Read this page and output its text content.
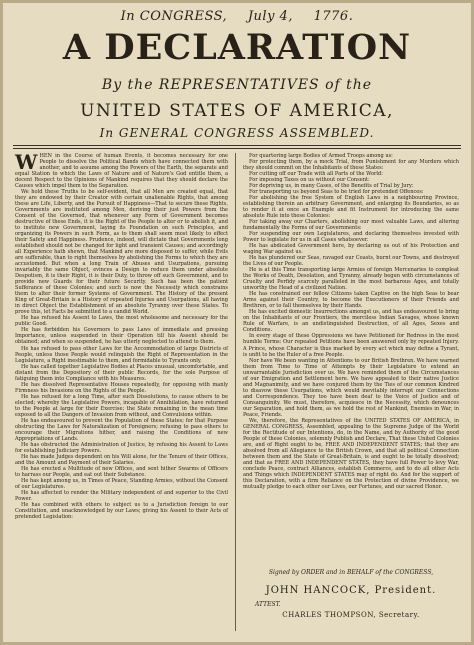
In CONGRESS, July 4, 1776.
A DECLARATION
By the REPRESENTATIVES of the
UNITED STATES OF AMERICA,
In GENERAL CONGRESS ASSEMBLED.
W HEN in the Course of human Events, it becomes necessary for one People to dissolve the Political Bands which have connected them with another, and to assume among the Powers of the Earth, the separate and equal Station to which the Laws of Nature and of Nature's God entitle them, a decent Respect to the Opinions of Mankind requires that they should declare the Causes which impel them to the Separation.

We hold these Truths to be self-evident, that all Men are created equal, that they are endowed by their Creator with certain unalienable Rights, that among these are Life, Liberty, and the Pursuit of Happiness—That to secure these Rights, Governments are instituted among Men, deriving their just Powers from the Consent of the Governed, that whenever any Form of Government becomes destructive of these Ends, it is the Right of the People to alter or to abolish it, and to institute new Government, laying its Foundation on such Principles, and organizing its Powers in such Form, as to them shall seem most likely to effect their Safety and Happiness. Prudence, indeed, will dictate that Governments long established should not be changed for light and transient Causes; and accordingly all Experience hath shewn, that Mankind are more disposed to suffer, while Evils are sufferable, than to right themselves by abolishing the Forms to which they are accustomed. But when a long Train of Abuses and Usurpations, pursuing invariably the same Object, evinces a Design to reduce them under absolute Despotism, it is their Right, it is their Duty, to throw off such Government, and to provide new Guards for their future Security. Such has been the patient Sufferance of these Colonies; and such is now the Necessity which constrains them to alter their former Systems of Government. The History of the present King of Great-Britain is a History of repeated Injuries and Usurpations, all having in direct Object the Establishment of an absolute Tyranny over these States. To prove this, let Facts be submitted to a candid World.

He has refused his Assent to Laws, the most wholesome and necessary for the public Good.

He has forbidden his Governors to pass Laws of immediate and pressing Importance, unless suspended in their Operation till his Assent should be obtained; and when so suspended, he has utterly neglected to attend to them.

He has refused to pass other Laws for the Accommodation of large Districts of People, unless those People would relinquish the Right of Representation in the Legislature, a Right inestimable to them, and formidable to Tyrants only.

He has called together Legislative Bodies at Places unusual, uncomfortable, and distant from the Depository of their public Records, for the sole Purpose of fatiguing them into Compliance with his Measures.

He has dissolved Representative Houses repeatedly, for opposing with manly Firmness his Invasions on the Rights of the People.

He has refused for a long Time, after such Dissolutions, to cause others to be elected; whereby the Legislative Powers, incapable of Annihilation, have returned to the People at large for their Exercise; the State remaining in the mean time exposed to all the Dangers of Invasion from without, and Convulsions within.

He has endeavoured to prevent the Population of these States; for that Purpose obstructing the Laws for Naturalization of Foreigners; refusing to pass others to encourage their Migrations hither, and raising the Conditions of new Appropriations of Lands.

He has obstructed the Administration of Justice, by refusing his Assent to Laws for establishing Judiciary Powers.

He has made Judges dependent on his Will alone, for the Tenure of their Offices, and the Amount and Payment of their Salaries.

He has erected a Multitude of new Offices, and sent hither Swarms of Officers to harrass our People, and eat out their Substance.

He has kept among us, in Times of Peace, Standing Armies, without the Consent of our Legislatures.

He has affected to render the Military independent of and superior to the Civil Power.

He has combined with others to subject us to a Jurisdiction foreign to our Constitution, and unacknowledged by our Laws; giving his Assent to their Acts of pretended Legislation:

For quartering large Bodies of Armed Troops among us:

For protecting them, by a mock Trial, from Punishment for any Murders which they should commit on the Inhabitants of these States:

For cutting off our Trade with all Parts of the World:

For imposing Taxes on us without our Consent:

For depriving us, in many Cases, of the Benefits of Trial by Jury:

For transporting us beyond Seas to be tried for pretended Offences:

For abolishing the free System of English Laws in a neighbouring Province, establishing therein an arbitrary Government, and enlarging its Boundaries, so as to render it at once an Example and fit Instrument for introducing the same absolute Rule into these Colonies:

For taking away our Charters, abolishing our most valuable Laws, and altering fundamentally the Forms of our Governments:

For suspending our own Legislatures, and declaring themselves invested with Power to legislate for us in all Cases whatsoever.

He has abdicated Government here, by declaring us out of his Protection and waging War against us.

He has plundered our Seas, ravaged our Coasts, burnt our Towns, and destroyed the Lives of our People.

He is at this Time transporting large Armies of foreign Mercenaries to compleat the Works of Death, Desolation, and Tyranny, already begun with circumstances of Cruelty and Perfidy scarcely paralleled in the most barbarous Ages, and totally unworthy the Head of a civilized Nation.

He has constrained our fellow Citizens taken Captive on the high Seas to bear Arms against their Country, to become the Executioners of their Friends and Brethren, or to fall themselves by their Hands.

He has excited domestic Insurrections amongst us, and has endeavoured to bring on the Inhabitants of our Frontiers, the merciless Indian Savages, whose known Rule of Warfare, is an undistinguished Destruction, of all Ages, Sexes and Conditions.

In every stage of these Oppressions we have Petitioned for Redress in the most humble Terms: Our repeated Petitions have been answered only by repeated Injury. A Prince, whose Character is thus marked by every act which may define a Tyrant, is unfit to be the Ruler of a free People.

Nor have We been wanting in Attentions to our British Brethren. We have warned them from Time to Time of Attempts by their Legislature to extend an unwarrantable Jurisdiction over us. We have reminded them of the Circumstances of our Emigration and Settlement here. We have appealed to their native Justice and Magnanimity, and we have conjured them by the Ties of our common Kindred to disavow these Usurpations, which would inevitably interrupt our Connections and Correspondence. They too have been deaf to the Voice of Justice and of Consanguinity. We must, therefore, acquiesce in the Necessity, which denounces our Separation, and hold them, as we hold the rest of Mankind, Enemies in War, in Peace, Friends.

We, therefore, the Representatives of the UNITED STATES OF AMERICA, in GENERAL CONGRESS, Assembled, appealing to the Supreme Judge of the World for the Rectitude of our Intentions, do, in the Name, and by Authority of the good People of these Colonies, solemnly Publish and Declare, That these United Colonies are, and of Right ought to be, FREE AND INDEPENDENT STATES; that they are absolved from all Allegiance to the British Crown, and that all political Connection between them and the State of Great-Britain, is and ought to be totally dissolved; and that as FREE AND INDEPENDENT STATES, they have full Power to levy War, conclude Peace, contract Alliances, establish Commerce, and to do all other Acts and Things which INDEPENDENT STATES may of right do. And for the support of this Declaration, with a firm Reliance on the Protection of divine Providence, we mutually pledge to each other our Lives, our Fortunes, and our sacred Honor.

Signed by ORDER and in BEHALF of the CONGRESS,
JOHN HANCOCK, President.
ATTEST.
CHARLES THOMPSON, Secretary.
